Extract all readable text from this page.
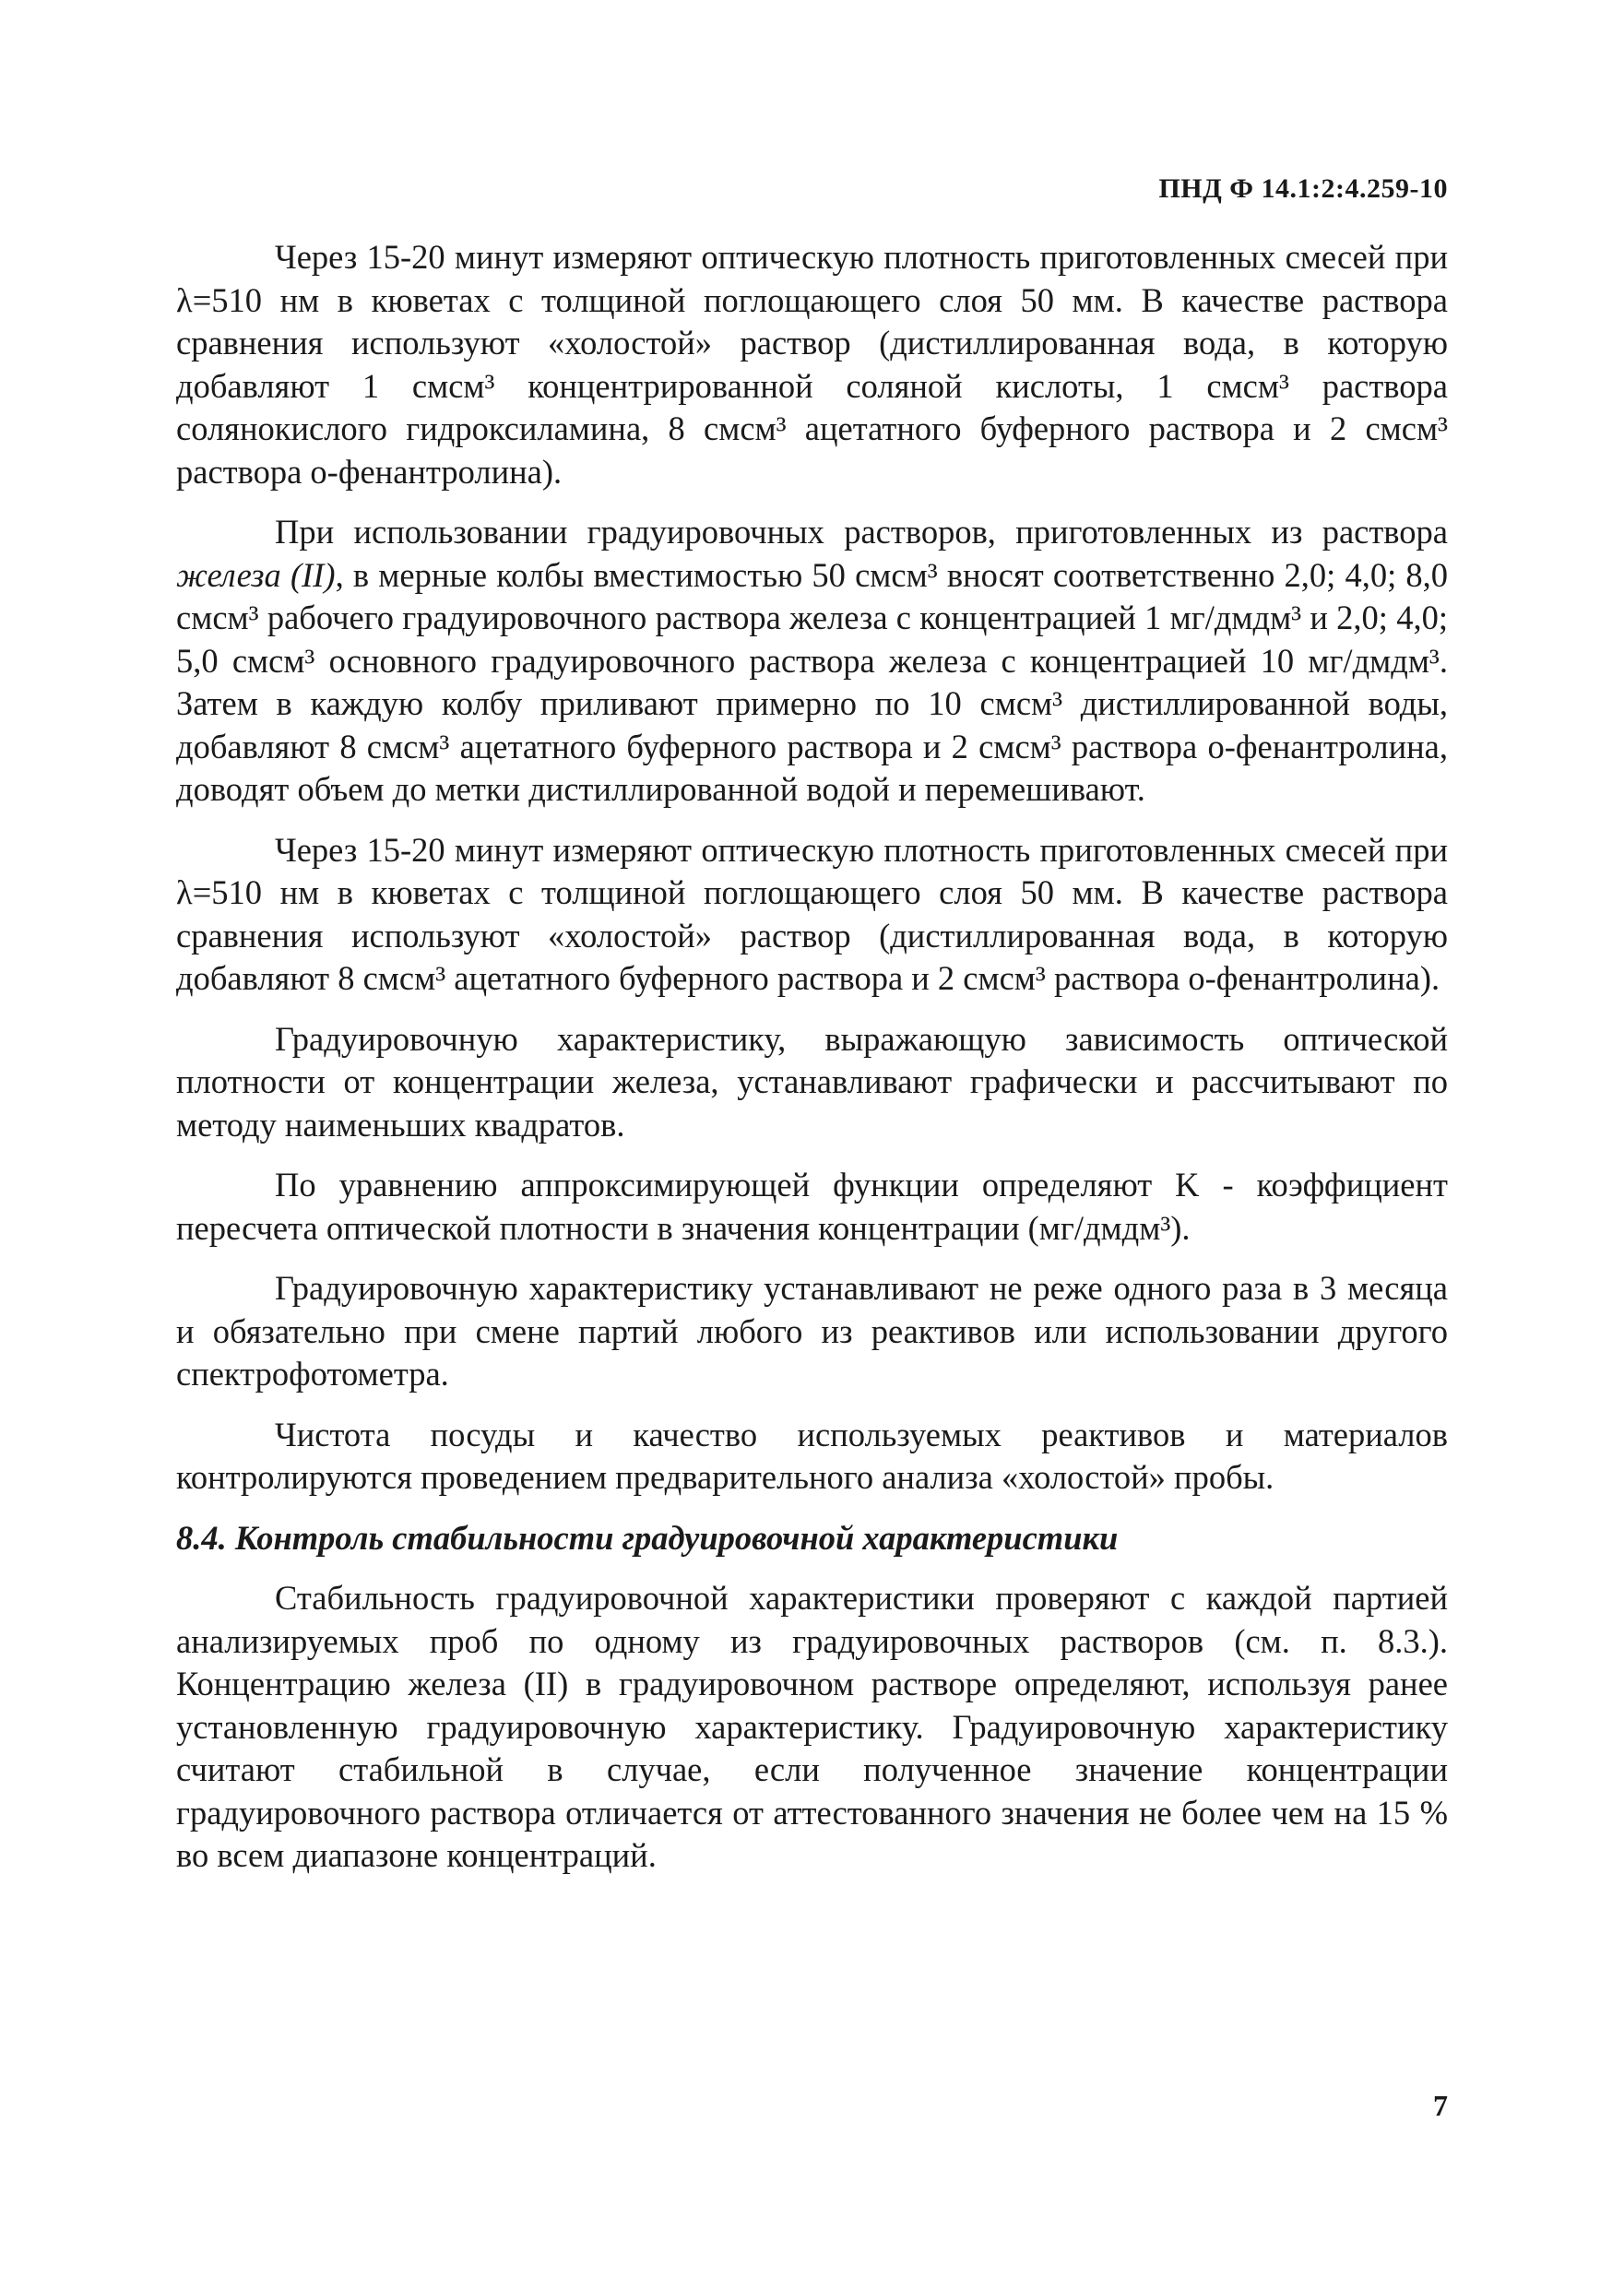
ПНД Ф 14.1:2:4.259-10

Через 15-20 минут измеряют оптическую плотность приготовленных смесей при λ=510 нм в кюветах с толщиной поглощающего слоя 50 мм. В качестве раствора сравнения используют «холостой» раствор (дистиллированная вода, в которую добавляют 1 смсм³ концентрированной соляной кислоты, 1 смсм³ раствора солянокислого гидроксиламина, 8 смсм³ ацетатного буферного раствора и 2 смсм³ раствора о-фенантролина).

При использовании градуировочных растворов, приготовленных из раствора железа (II), в мерные колбы вместимостью 50 смсм³ вносят соответственно 2,0; 4,0; 8,0 смсм³ рабочего градуировочного раствора железа с концентрацией 1 мг/дмдм³ и 2,0; 4,0; 5,0 смсм³ основного градуировочного раствора железа с концентрацией 10 мг/дмдм³. Затем в каждую колбу приливают примерно по 10 смсм³ дистиллированной воды, добавляют 8 смсм³ ацетатного буферного раствора и 2 смсм³ раствора о-фенантролина, доводят объем до метки дистиллированной водой и перемешивают.

Через 15-20 минут измеряют оптическую плотность приготовленных смесей при λ=510 нм в кюветах с толщиной поглощающего слоя 50 мм. В качестве раствора сравнения используют «холостой» раствор (дистиллированная вода, в которую добавляют 8 смсм³ ацетатного буферного раствора и 2 смсм³ раствора о-фенантролина).

Градуировочную характеристику, выражающую зависимость оптической плотности от концентрации железа, устанавливают графически и рассчитывают по методу наименьших квадратов.

По уравнению аппроксимирующей функции определяют K - коэффициент пересчета оптической плотности в значения концентрации (мг/дмдм³).

Градуировочную характеристику устанавливают не реже одного раза в 3 месяца и обязательно при смене партий любого из реактивов или использовании другого спектрофотометра.

Чистота посуды и качество используемых реактивов и материалов контролируются проведением предварительного анализа «холостой» пробы.

8.4. Контроль стабильности градуировочной характеристики

Стабильность градуировочной характеристики проверяют с каждой партией анализируемых проб по одному из градуировочных растворов (см. п. 8.3.). Концентрацию железа (II) в градуировочном растворе определяют, используя ранее установленную градуировочную характеристику. Градуировочную характеристику считают стабильной в случае, если полученное значение концентрации градуировочного раствора отличается от аттестованного значения не более чем на 15 % во всем диапазоне концентраций.

7
